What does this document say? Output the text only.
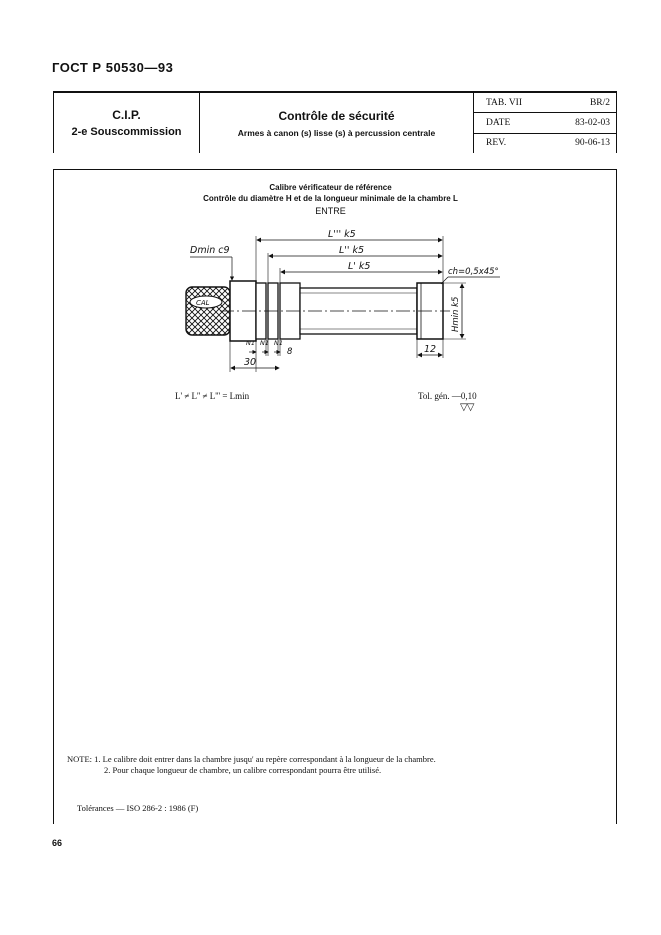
ГОСТ Р 50530—93
C.I.P.
2-e Souscommission
Contrôle de sécurité
Armes à canon (s) lisse (s) à percussion centrale
TAB. VII	BR/2
DATE	83-02-03
REV.	90-06-13
Calibre vérificateur de référence
Contrôle du diamètre H et de la longueur minimale de la chambre L
ENTRE
CAL
L''' k5
L'' k5
L' k5	ch=0,5x45°
Dmin c9
Hmin k5
N1 N1 N1
8
30
12
L' ≠ L'' ≠ L''' = Lmin	Tol. gén. —0,10
▽▽
NOTE: 1. Le calibre doit entrer dans la chambre jusqu' au repère correspondant à la longueur de la chambre.
2. Pour chaque longueur de chambre, un calibre correspondant pourra être utilisé.
Tolérances — ISO 286-2 : 1986 (F)
66
